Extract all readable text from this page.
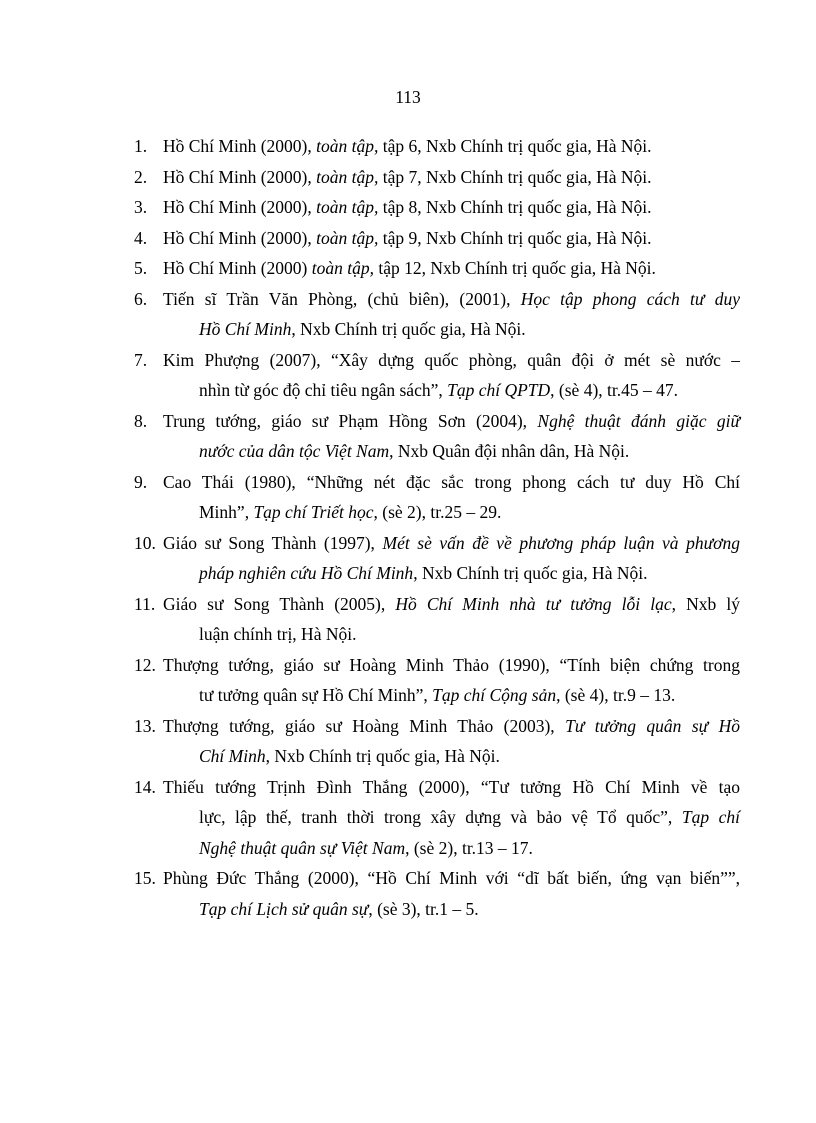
113
1. Hồ Chí Minh (2000), toàn tập, tập 6, Nxb Chính trị quốc gia, Hà Nội.
2. Hồ Chí Minh (2000), toàn tập, tập 7, Nxb Chính trị quốc gia, Hà Nội.
3. Hồ Chí Minh (2000), toàn tập, tập 8, Nxb Chính trị quốc gia, Hà Nội.
4. Hồ Chí Minh (2000), toàn tập, tập 9, Nxb Chính trị quốc gia, Hà Nội.
5. Hồ Chí Minh (2000) toàn tập, tập 12, Nxb Chính trị quốc gia, Hà Nội.
6. Tiến sĩ Trần Văn Phòng, (chủ biên), (2001), Học tập phong cách tư duy
Hồ Chí Minh, Nxb Chính trị quốc gia, Hà Nội.
7. Kim Phượng (2007), “Xây dựng quốc phòng, quân đội ở mét sè nước –
nhìn từ góc độ chỉ tiêu ngân sách”, Tạp chí QPTD, (sè 4), tr.45 – 47.
8. Trung tướng, giáo sư Phạm Hồng Sơn (2004), Nghệ thuật đánh giặc giữ
nước của dân tộc Việt Nam, Nxb Quân đội nhân dân, Hà Nội.
9. Cao Thái (1980), “Những nét đặc sắc trong phong cách tư duy Hồ Chí
Minh”, Tạp chí Triết học, (sè 2), tr.25 – 29.
10. Giáo sư Song Thành (1997), Mét sè vấn đề về phương pháp luận và phương
pháp nghiên cứu Hồ Chí Minh, Nxb Chính trị quốc gia, Hà Nội.
11. Giáo sư Song Thành (2005), Hồ Chí Minh nhà tư tưởng lỗi lạc, Nxb lý
luận chính trị, Hà Nội.
12. Thượng tướng, giáo sư Hoàng Minh Thảo (1990), “Tính biện chứng trong
tư tưởng quân sự Hồ Chí Minh”, Tạp chí Cộng sản, (sè 4), tr.9 – 13.
13. Thượng tướng, giáo sư Hoàng Minh Thảo (2003), Tư tưởng quân sự Hồ
Chí Minh, Nxb Chính trị quốc gia, Hà Nội.
14. Thiếu tướng Trịnh Đình Thắng (2000), “Tư tưởng Hồ Chí Minh về tạo
lực, lập thế, tranh thời trong xây dựng và bảo vệ Tổ quốc”, Tạp chí
Nghệ thuật quân sự Việt Nam, (sè 2), tr.13 – 17.
15. Phùng Đức Thắng (2000), “Hồ Chí Minh với “dĩ bất biến, ứng vạn biến””,
Tạp chí Lịch sử quân sự, (sè 3), tr.1 – 5.
